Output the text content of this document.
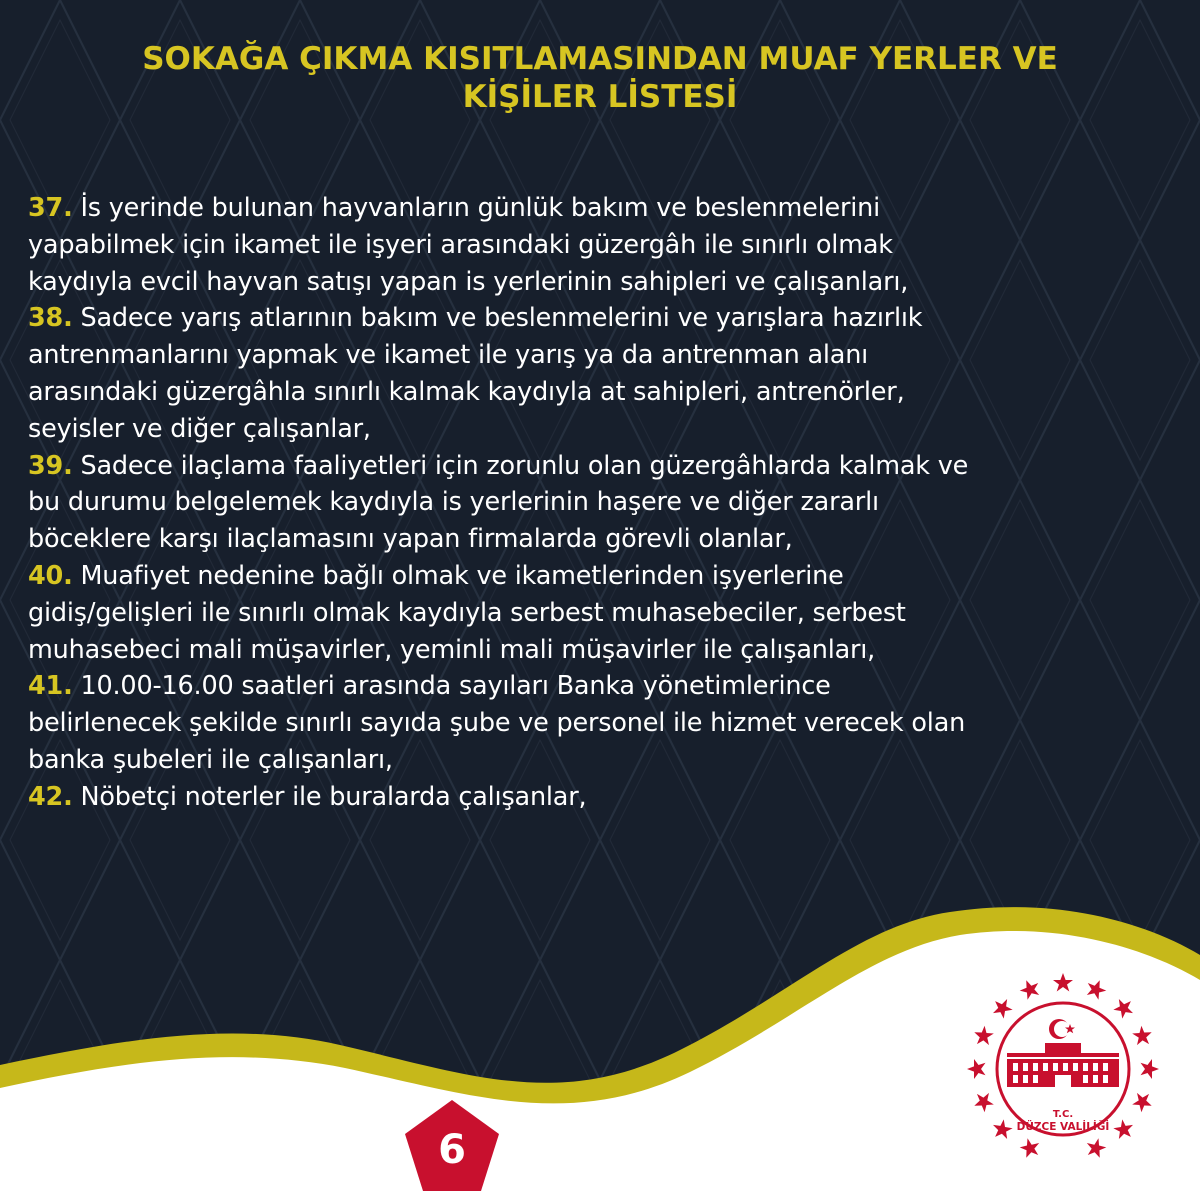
SOKAĞA ÇIKMA KISITLAMASINDAN MUAF YERLER VE
KİŞİLER LİSTESİ
37. İs yerinde bulunan hayvanların günlük bakım ve beslenmelerini
yapabilmek için ikamet ile işyeri arasındaki güzergâh ile sınırlı olmak
kaydıyla evcil hayvan satışı yapan is yerlerinin sahipleri ve çalışanları,
38. Sadece yarış atlarının bakım ve beslenmelerini ve yarışlara hazırlık
antrenmanlarını yapmak ve ikamet ile yarış ya da antrenman alanı
arasındaki güzergâhla sınırlı kalmak kaydıyla at sahipleri, antrenörler,
seyisler ve diğer çalışanlar,
39. Sadece ilaçlama faaliyetleri için zorunlu olan güzergâhlarda kalmak ve
bu durumu belgelemek kaydıyla is yerlerinin haşere ve diğer zararlı
böceklere karşı ilaçlamasını yapan firmalarda görevli olanlar,
40. Muafiyet nedenine bağlı olmak ve ikametlerinden işyerlerine
gidiş/gelişleri ile sınırlı olmak kaydıyla serbest muhasebeciler, serbest
muhasebeci mali müşavirler, yeminli mali müşavirler ile çalışanları,
41. 10.00-16.00 saatleri arasında sayıları Banka yönetimlerince
belirlenecek şekilde sınırlı sayıda şube ve personel ile hizmet verecek olan
banka şubeleri ile çalışanları,
42. Nöbetçi noterler ile buralarda çalışanlar,
6
T.C.
DÜZCE VALİLİĞİ
